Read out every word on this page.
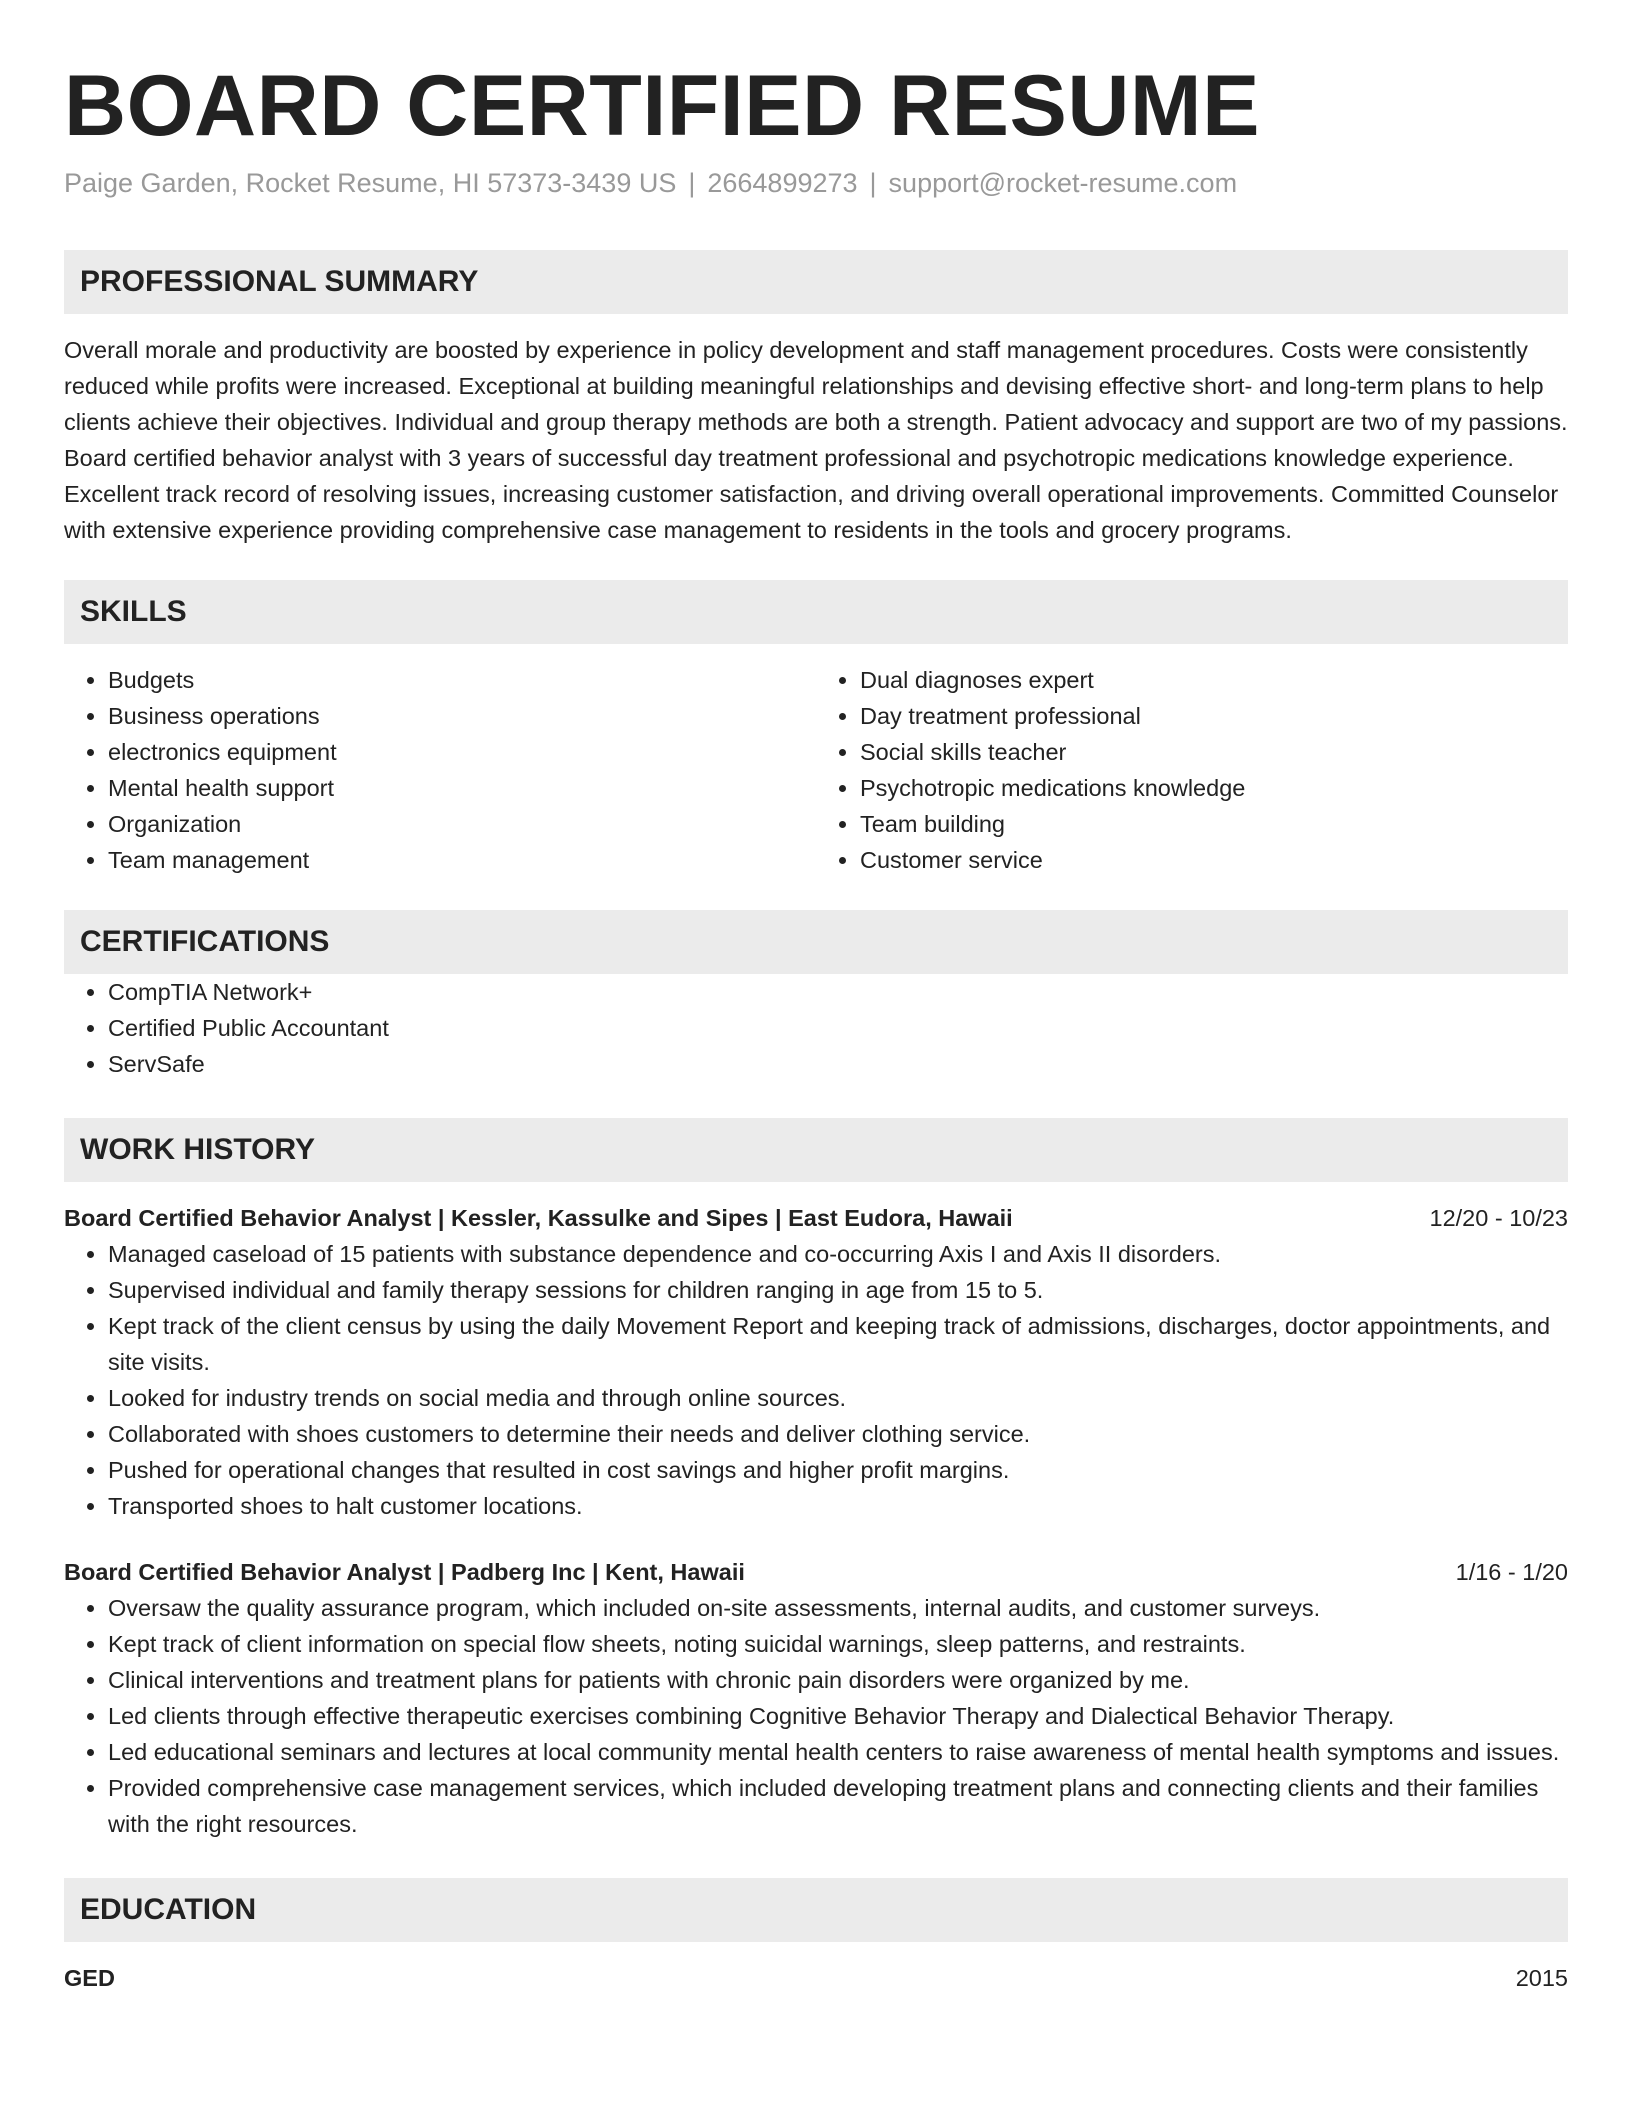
BOARD CERTIFIED RESUME
Paige Garden, Rocket Resume, HI 57373-3439 US | 2664899273 | support@rocket-resume.com
PROFESSIONAL SUMMARY

Overall morale and productivity are boosted by experience in policy development and staff management procedures. Costs were consistently reduced while profits were increased. Exceptional at building meaningful relationships and devising effective short- and long-term plans to help clients achieve their objectives. Individual and group therapy methods are both a strength. Patient advocacy and support are two of my passions. Board certified behavior analyst with 3 years of successful day treatment professional and psychotropic medications knowledge experience. Excellent track record of resolving issues, increasing customer satisfaction, and driving overall operational improvements. Committed Counselor with extensive experience providing comprehensive case management to residents in the tools and grocery programs.

SKILLS
• Budgets
• Business operations
• electronics equipment
• Mental health support
• Organization
• Team management
• Dual diagnoses expert
• Day treatment professional
• Social skills teacher
• Psychotropic medications knowledge
• Team building
• Customer service
CERTIFICATIONS
• CompTIA Network+
• Certified Public Accountant
• ServSafe
WORK HISTORY
Board Certified Behavior Analyst | Kessler, Kassulke and Sipes | East Eudora, Hawaii	12/20 - 10/23
• Managed caseload of 15 patients with substance dependence and co-occurring Axis I and Axis II disorders.
• Supervised individual and family therapy sessions for children ranging in age from 15 to 5.
• Kept track of the client census by using the daily Movement Report and keeping track of admissions, discharges, doctor appointments, and site visits.
• Looked for industry trends on social media and through online sources.
• Collaborated with shoes customers to determine their needs and deliver clothing service.
• Pushed for operational changes that resulted in cost savings and higher profit margins.
• Transported shoes to halt customer locations.
Board Certified Behavior Analyst | Padberg Inc | Kent, Hawaii	1/16 - 1/20
• Oversaw the quality assurance program, which included on-site assessments, internal audits, and customer surveys.
• Kept track of client information on special flow sheets, noting suicidal warnings, sleep patterns, and restraints.
• Clinical interventions and treatment plans for patients with chronic pain disorders were organized by me.
• Led clients through effective therapeutic exercises combining Cognitive Behavior Therapy and Dialectical Behavior Therapy.
• Led educational seminars and lectures at local community mental health centers to raise awareness of mental health symptoms and issues.
• Provided comprehensive case management services, which included developing treatment plans and connecting clients and their families with the right resources.
EDUCATION
GED	2015
